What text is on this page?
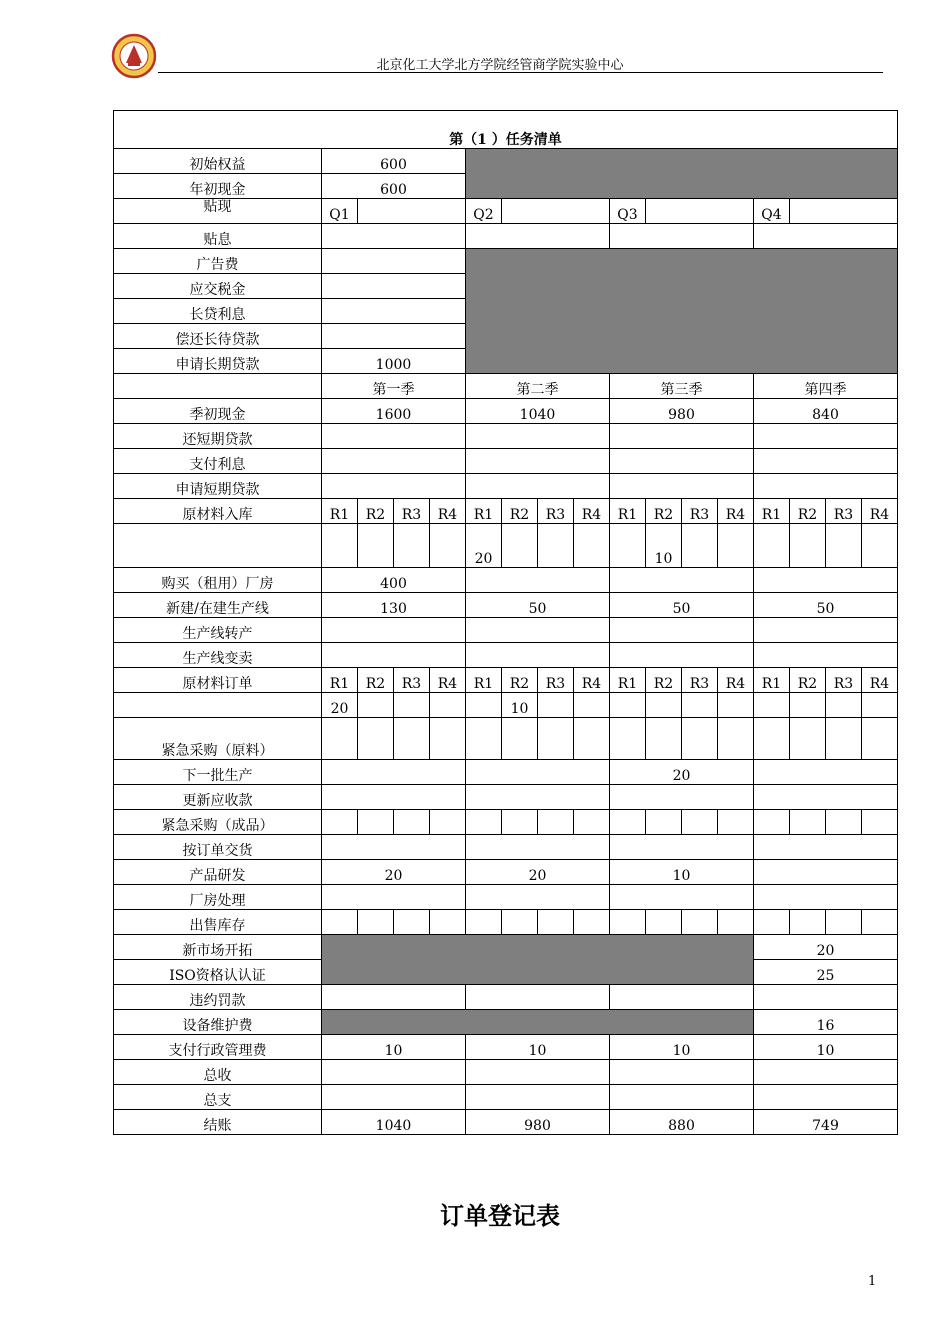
北京化工大学北方学院经管商学院实验中心
第（1 ）任务清单																
初始权益	600															
年初现金	600															
贴现	Q1				Q2				Q3				Q4			
贴息																
广告费																
应交税金																
长贷利息																
偿还长待贷款																
申请长期贷款	1000															
	第一季				第二季				第三季				第四季			
季初现金	1600				1040				980				840			
还短期贷款																
支付利息																
申请短期贷款																
原材料入库	R1	R2	R3	R4	R1	R2	R3	R4	R1	R2	R3	R4	R1	R2	R3	R4
					20					10						
购买（租用）厂房	400															
新建/在建生产线	130				50				50				50			
生产线转产																
生产线变卖																
原材料订单	R1	R2	R3	R4	R1	R2	R3	R4	R1	R2	R3	R4	R1	R2	R3	R4
	20					10										
紧急采购（原料）																
下一批生产									20							
更新应收款																
紧急采购（成品）																
按订单交货																
产品研发	20				20				10							
厂房处理																
出售库存																
新市场开拓													20			
ISO资格认认证													25			
违约罚款																
设备维护费													16			
支付行政管理费	10				10				10				10			
总收																
总支																
结账	1040				980				880				749			
订单登记表
1
